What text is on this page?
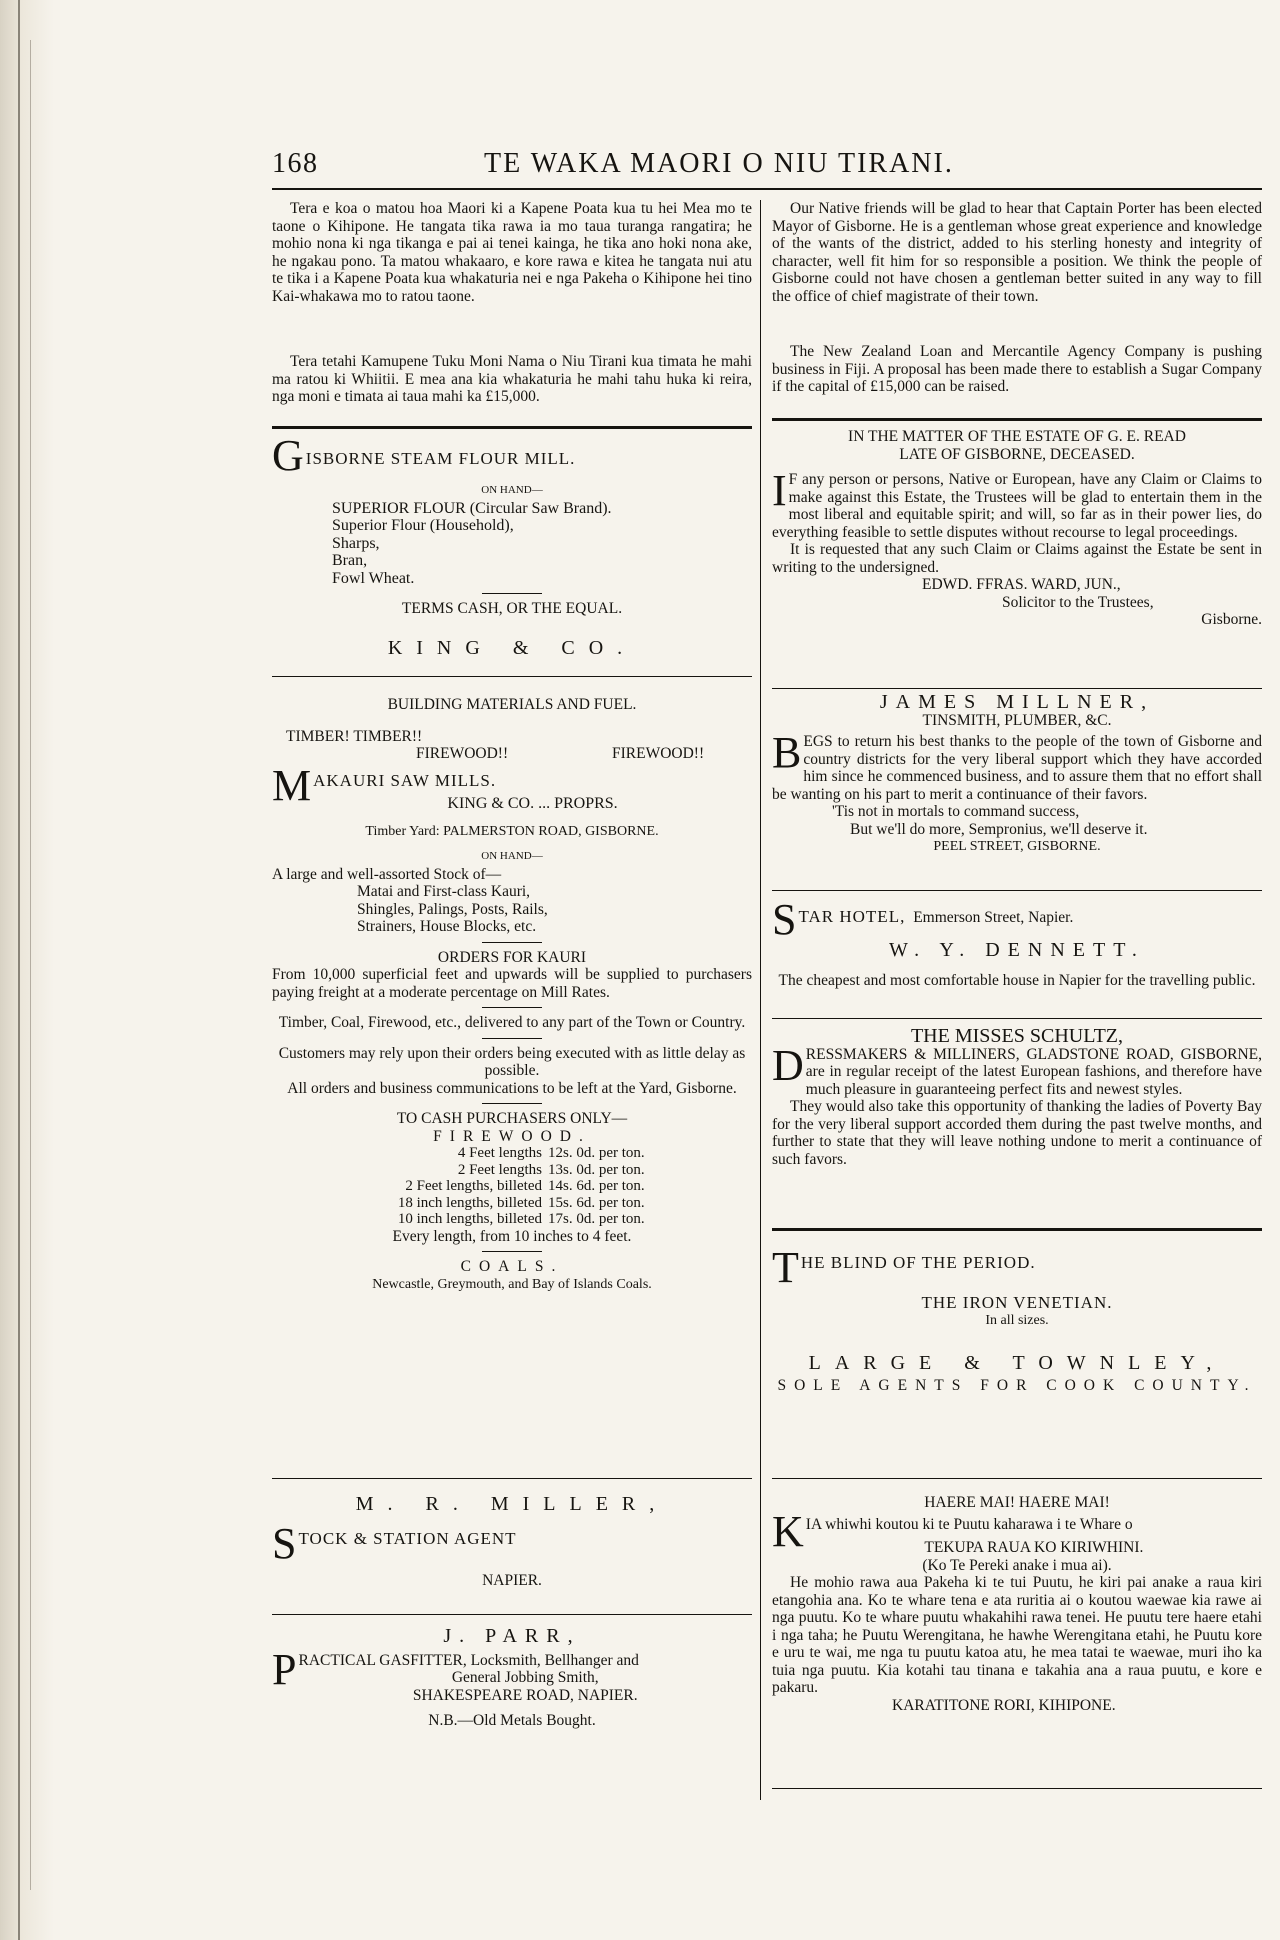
168	TE WAKA MAORI O NIU TIRANI.

Tera e koa o matou hoa Maori ki a Kapene Poata kua tu hei Mea mo te taone o Kihipone. He tangata tika rawa ia mo taua turanga rangatira; he mohio nona ki nga tikanga e pai ai tenei kainga, he tika ano hoki nona ake, he ngakau pono. Ta matou whakaaro, e kore rawa e kitea he tangata nui atu te tika i a Kapene Poata kua whakaturia nei e nga Pakeha o Kihipone hei tino Kai-whakawa mo to ratou taone.

Tera tetahi Kamupene Tuku Moni Nama o Niu Tirani kua timata he mahi ma ratou ki Whiitii. E mea ana kia whakaturia he mahi tahu huka ki reira, nga moni e timata ai taua mahi ka £15,000.

G ISBORNE STEAM FLOUR MILL.
ON HAND—
SUPERIOR FLOUR (Circular Saw Brand).
Superior Flour (Household),
Sharps,
Bran,
Fowl Wheat.
TERMS CASH, OR THE EQUAL.
KING & CO.
BUILDING MATERIALS AND FUEL.
TIMBER! TIMBER!!
FIREWOOD!!	FIREWOOD!!
M AKAURI SAW MILLS.
KING & CO. ... PROPRS.
Timber Yard: PALMERSTON ROAD, GISBORNE.
ON HAND—
A large and well-assorted Stock of—
Matai and First-class Kauri,
Shingles, Palings, Posts, Rails,
Strainers, House Blocks, etc.
ORDERS FOR KAURI

From 10,000 superficial feet and upwards will be supplied to purchasers paying freight at a moderate percentage on Mill Rates.

Timber, Coal, Firewood, etc., delivered to any part of the Town or Country.

Customers may rely upon their orders being executed with as little delay as possible.

All orders and business communications to be left at the Yard, Gisborne.

TO CASH PURCHASERS ONLY—
FIREWOOD.
4 Feet lengths 12s. 0d. per ton.
2 Feet lengths 13s. 0d. per ton.
2 Feet lengths, billeted 14s. 6d. per ton.
18 inch lengths, billeted 15s. 6d. per ton.
10 inch lengths, billeted 17s. 0d. per ton.
Every length, from 10 inches to 4 feet.
COALS.
Newcastle, Greymouth, and Bay of Islands Coals.
M. R. MILLER,
S TOCK & STATION AGENT
NAPIER.
J. PARR,
P RACTICAL GASFITTER, Locksmith, Bellhanger and
General Jobbing Smith,
SHAKESPEARE ROAD, NAPIER.
N.B.—Old Metals Bought.

Our Native friends will be glad to hear that Captain Porter has been elected Mayor of Gisborne. He is a gentleman whose great experience and knowledge of the wants of the district, added to his sterling honesty and integrity of character, well fit him for so responsible a position. We think the people of Gisborne could not have chosen a gentleman better suited in any way to fill the office of chief magistrate of their town.

The New Zealand Loan and Mercantile Agency Company is pushing business in Fiji. A proposal has been made there to establish a Sugar Company if the capital of £15,000 can be raised.

IN THE MATTER OF THE ESTATE OF G. E. READ
LATE OF GISBORNE, DECEASED.
I F any person or persons, Native or European, have any Claim or Claims to make against this Estate, the Trustees will be glad to entertain them in the most liberal and equitable spirit; and will, so far as in their power lies, do everything feasible to settle disputes without recourse to legal proceedings.

It is requested that any such Claim or Claims against the Estate be sent in writing to the undersigned.

EDWD. FFRAS. WARD, JUN.,
Solicitor to the Trustees,
Gisborne.
JAMES MILLNER,
TINSMITH, PLUMBER, &C.
B EGS to return his best thanks to the people of the town of Gisborne and country districts for the very liberal support which they have accorded him since he commenced business, and to assure them that no effort shall be wanting on his part to merit a continuance of their favors.

'Tis not in mortals to command success,
But we'll do more, Sempronius, we'll deserve it.
PEEL STREET, GISBORNE.
S TAR HOTEL, Emmerson Street, Napier.
W. Y. DENNETT.

The cheapest and most comfortable house in Napier for the travelling public.

THE MISSES SCHULTZ,
D RESSMAKERS & MILLINERS, GLADSTONE ROAD, GISBORNE, are in regular receipt of the latest European fashions, and therefore have much pleasure in guaranteeing perfect fits and newest styles.

They would also take this opportunity of thanking the ladies of Poverty Bay for the very liberal support accorded them during the past twelve months, and further to state that they will leave nothing undone to merit a continuance of such favors.

T HE BLIND OF THE PERIOD.
THE IRON VENETIAN.
In all sizes.
LARGE & TOWNLEY,
SOLE AGENTS FOR COOK COUNTY.
HAERE MAI! HAERE MAI!
K IA whiwhi koutou ki te Puutu kaharawa i te Whare o
TEKUPA RAUA KO KIRIWHINI.
(Ko Te Pereki anake i mua ai).

He mohio rawa aua Pakeha ki te tui Puutu, he kiri pai anake a raua kiri etangohia ana. Ko te whare tena e ata ruritia ai o koutou waewae kia rawe ai nga puutu. Ko te whare puutu whakahihi rawa tenei. He puutu tere haere etahi i nga taha; he Puutu Werengitana, he hawhe Werengitana etahi, he Puutu kore e uru te wai, me nga tu puutu katoa atu, he mea tatai te waewae, muri iho ka tuia nga puutu. Kia kotahi tau tinana e takahia ana a raua puutu, e kore e pakaru.

KARATITONE RORI, KIHIPONE.
